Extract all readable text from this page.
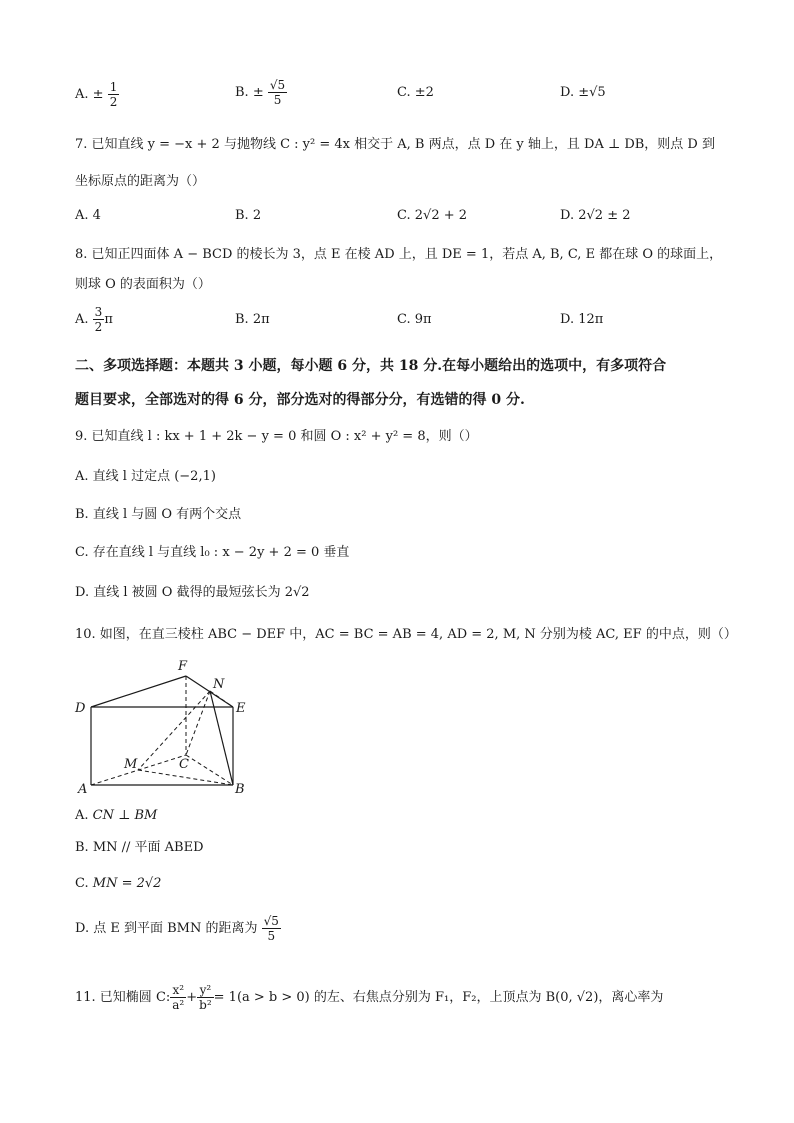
A. ± $\frac{1}{2}$	B. ± $\frac{√5}{5}$	C. ±2	D. ±√5
7. 已知直线 y = −x + 2 与抛物线 C : y² = 4x 相交于 A, B 两点，点 D 在 y 轴上，且 DA ⊥ DB，则点 D 到
坐标原点的距离为（）
A. 4	B. 2	C. 2√2 + 2	D. 2√2 ± 2
8. 已知正四面体 A − BCD 的棱长为 3，点 E 在棱 AD 上，且 DE = 1，若点 A, B, C, E 都在球 O 的球面上，
则球 O 的表面积为（）
A. $\frac{3}{2}$ π	B. 2π	C. 9π	D. 12π
二、多项选择题：本题共 3 小题，每小题 6 分，共 18 分.在每小题给出的选项中，有多项符合
题目要求，全部选对的得 6 分，部分选对的得部分分，有选错的得 0 分.
9. 已知直线 l : kx + 1 + 2k − y = 0 和圆 O : x² + y² = 8，则（）
A. 直线 l 过定点 (−2,1)
B. 直线 l 与圆 O 有两个交点
C. 存在直线 l 与直线 l₀ : x − 2y + 2 = 0 垂直
D. 直线 l 被圆 O 截得的最短弦长为 2√2
10. 如图，在直三棱柱 ABC − DEF 中，AC = BC = AB = 4, AD = 2, M, N 分别为棱 AC, EF 的中点，则（）
F
N
D	E
M	C
A	B
A. CN ⊥ BM
B. MN // 平面 ABED
C. MN = 2√2
D. 点 E 到平面 BMN 的距离为 $\frac{√5}{5}$
11. 已知椭圆 C: $\frac{\text{x²}}{\text{a²}} + \frac{\text{y²}}{\text{b²}} = 1(a > b > 0)$ 的左、右焦点分别为 F₁，F₂，上顶点为 B(0, √2)，离心率为
